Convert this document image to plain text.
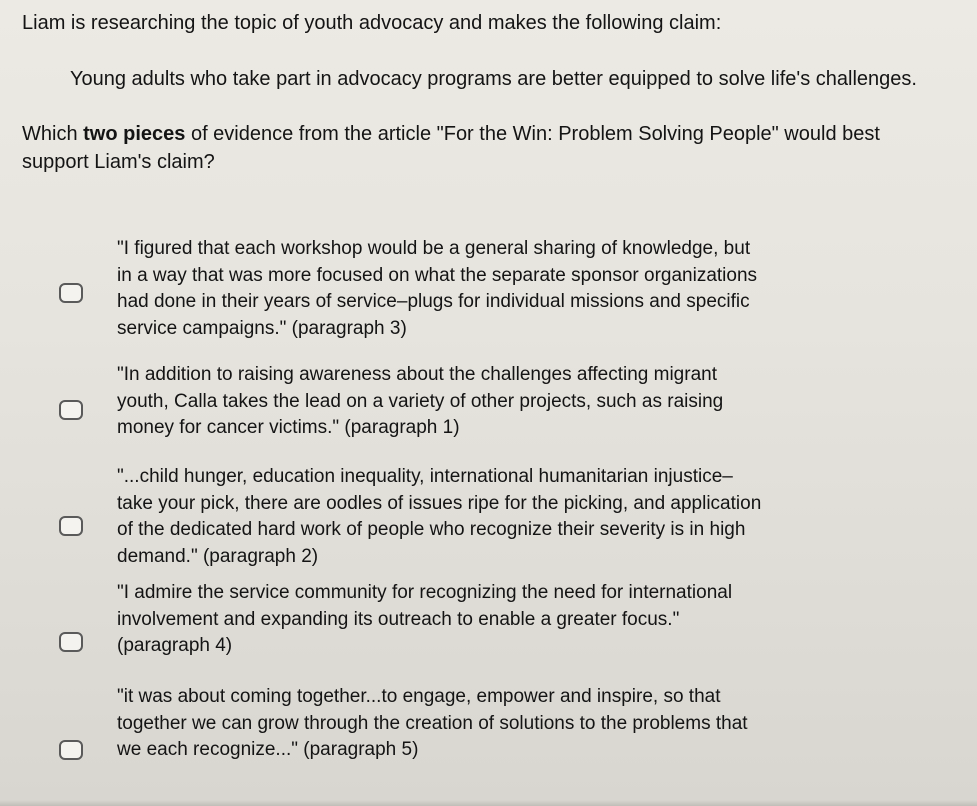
Liam is researching the topic of youth advocacy and makes the following claim:
Young adults who take part in advocacy programs are better equipped to solve life's challenges.
Which two pieces of evidence from the article "For the Win: Problem Solving People" would best support Liam's claim?
"I figured that each workshop would be a general sharing of knowledge, but in a way that was more focused on what the separate sponsor organizations had done in their years of service–plugs for individual missions and specific service campaigns." (paragraph 3)
"In addition to raising awareness about the challenges affecting migrant youth, Calla takes the lead on a variety of other projects, such as raising money for cancer victims." (paragraph 1)
"...child hunger, education inequality, international humanitarian injustice– take your pick, there are oodles of issues ripe for the picking, and application of the dedicated hard work of people who recognize their severity is in high demand." (paragraph 2)
"I admire the service community for recognizing the need for international involvement and expanding its outreach to enable a greater focus." (paragraph 4)
"it was about coming together...to engage, empower and inspire, so that together we can grow through the creation of solutions to the problems that we each recognize..." (paragraph 5)
